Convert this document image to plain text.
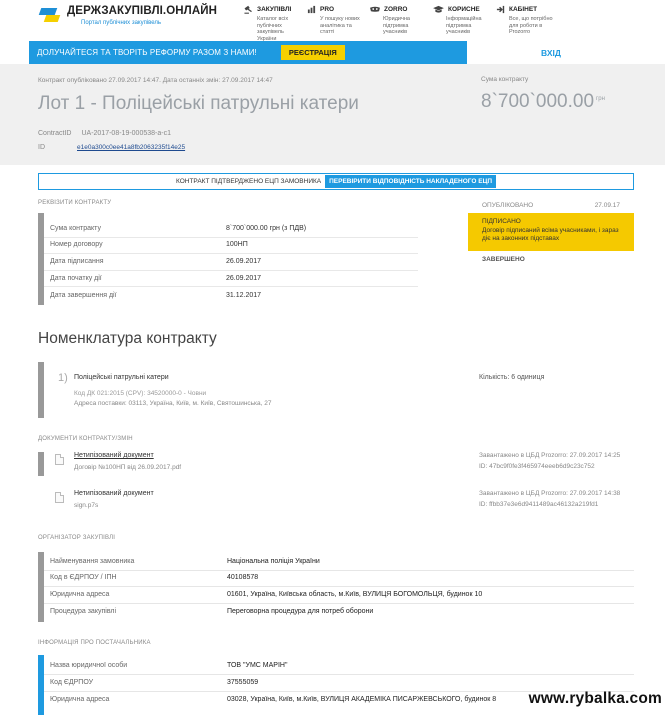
ДЕРЖЗАКУПІВЛІ.ОНЛАЙН
Портал публічних закупівель
ЗАКУПІВЛІ
Каталог всіх публічних закупівель України
PRO
У пошуку нових аналітика та статті
ZORRO
Юридична підтримка учасників
КОРИСНЕ
Інформаційна підтримка учасників
КАБІНЕТ
Все, що потрібно для роботи в Prozorro
ДОЛУЧАЙТЕСЯ ТА ТВОРІТЬ РЕФОРМУ РАЗОМ З НАМИ!	РЕЄСТРАЦІЯ	ВХІД
Контракт опубліковано 27.09.2017 14:47. Дата останніх змін: 27.09.2017 14:47
Лот 1 - Поліцейські патрульні катери
ContractID UA-2017-08-19-000538-a-c1
ID	e1e0a300c0ee41a8fb2063235f14e25
Сума контракту
8`700`000.00 $^{грн}$
КОНТРАКТ ПІДТВЕРДЖЕНО ЕЦП ЗАМОВНИКА	ПЕРЕВІРИТИ ВІДПОВІДНІСТЬ НАКЛАДЕНОГО ЕЦП
РЕКВІЗИТИ КОНТРАКТУ
Сума контракту	8`700`000.00 грн (з ПДВ)
Номер договору	100НП
Дата підписання	26.09.2017
Дата початку дії	26.09.2017
Дата завершення дії	31.12.2017
ОПУБЛІКОВАНО	27.09.17
ПІДПИСАНО
Договір підписаний всіма учасниками, і зараз діє на законних підставах
ЗАВЕРШЕНО
Номенклатура контракту
1) Поліцейські патрульні катери
Код ДК 021:2015 (CPV): 34520000-0 - Човни
Адреса поставки: 03113, Україна, Київ, м. Київ, Святошинська, 27
Кількість: 6 одиниця
ДОКУМЕНТИ КОНТРАКТУ/ЗМІН
Нетипізований документ
Договір №100НП від 26.09.2017.pdf
Завантажено в ЦБД Prozorro: 27.09.2017 14:25
ID: 47bc9f0fe3f465974eeeb6d9c23c752
Нетипізований документ
sign.p7s
Завантажено в ЦБД Prozorro: 27.09.2017 14:38
ID: ffbb37e3e6d9411489ac46132a219fd1
ОРГАНІЗАТОР ЗАКУПІВЛІ
Найменування замовника	Національна поліція України
Код в ЄДРПОУ / ІПН	40108578
Юридична адреса	01601, Україна, Київська область, м.Київ, ВУЛИЦЯ БОГОМОЛЬЦЯ, будинок 10
Процедура закупівлі	Переговорна процедура для потреб оборони
ІНФОРМАЦІЯ ПРО ПОСТАЧАЛЬНИКА
Назва юридичної особи	ТОВ "УМС МАРІН"
Код ЄДРПОУ	37555059
Юридична адреса	03028, Україна, Київ, м.Київ, ВУЛИЦЯ АКАДЕМІКА ПИСАРЖЕВСЬКОГО, будинок 8 www.rybalka.com
